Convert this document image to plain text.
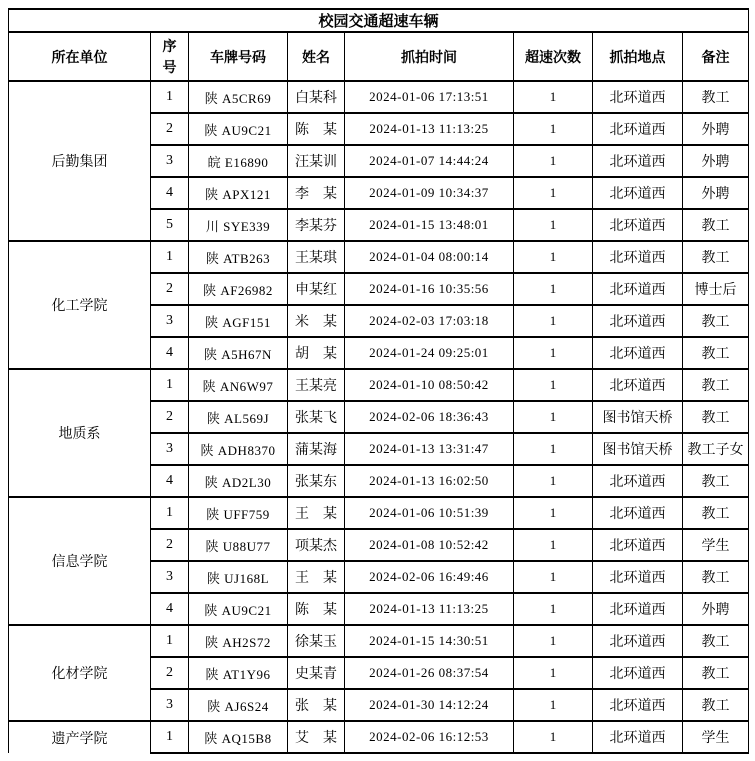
校园交通超速车辆							
所在单位	序号	车牌号码	姓名	抓拍时间	超速次数	抓拍地点	备注
后勤集团	1	陕 A5CR69	白某科	2024-01-06 17:13:51	1	北环道西	教工
	2	陕 AU9C21	陈　某	2024-01-13 11:13:25	1	北环道西	外聘
	3	皖 E16890	汪某训	2024-01-07 14:44:24	1	北环道西	外聘
	4	陕 APX121	李　某	2024-01-09 10:34:37	1	北环道西	外聘
	5	川 SYE339	李某芬	2024-01-15 13:48:01	1	北环道西	教工
化工学院	1	陕 ATB263	王某琪	2024-01-04 08:00:14	1	北环道西	教工
	2	陕 AF26982	申某红	2024-01-16 10:35:56	1	北环道西	博士后
	3	陕 AGF151	米　某	2024-02-03 17:03:18	1	北环道西	教工
	4	陕 A5H67N	胡　某	2024-01-24 09:25:01	1	北环道西	教工
地质系	1	陕 AN6W97	王某亮	2024-01-10 08:50:42	1	北环道西	教工
	2	陕 AL569J	张某飞	2024-02-06 18:36:43	1	图书馆天桥	教工
	3	陕 ADH8370	蒲某海	2024-01-13 13:31:47	1	图书馆天桥	教工子女
	4	陕 AD2L30	张某东	2024-01-13 16:02:50	1	北环道西	教工
信息学院	1	陕 UFF759	王　某	2024-01-06 10:51:39	1	北环道西	教工
	2	陕 U88U77	项某杰	2024-01-08 10:52:42	1	北环道西	学生
	3	陕 UJ168L	王　某	2024-02-06 16:49:46	1	北环道西	教工
	4	陕 AU9C21	陈　某	2024-01-13 11:13:25	1	北环道西	外聘
化材学院	1	陕 AH2S72	徐某玉	2024-01-15 14:30:51	1	北环道西	教工
	2	陕 AT1Y96	史某青	2024-01-26 08:37:54	1	北环道西	教工
	3	陕 AJ6S24	张　某	2024-01-30 14:12:24	1	北环道西	教工
遗产学院	1	陕 AQ15B8	艾　某	2024-02-06 16:12:53	1	北环道西	学生
